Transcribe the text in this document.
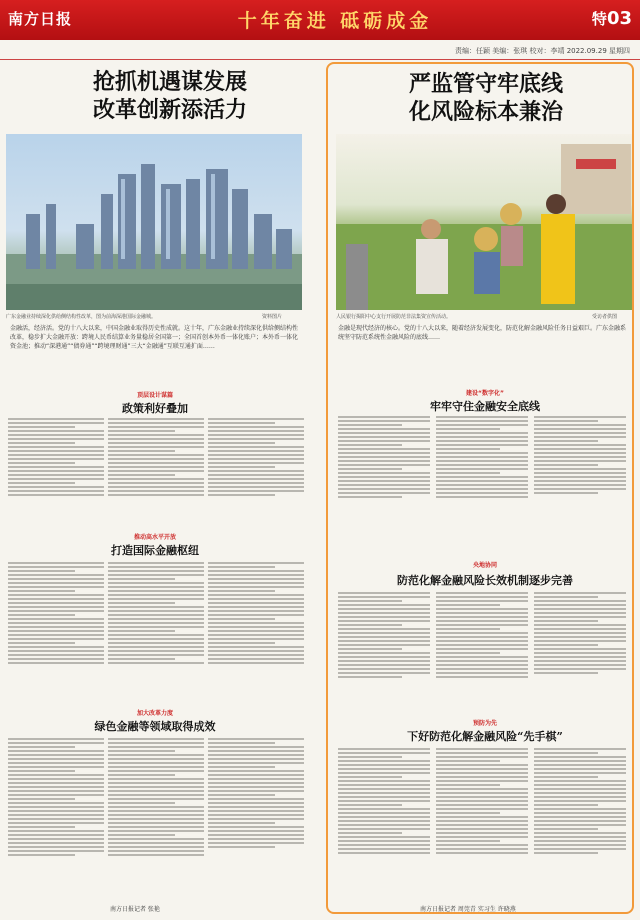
南方日报	十年奋进 砥砺成金	特03
责编：任颖 美编：张琪 校对：李靖 2022.09.29 星期四
抢抓机遇谋发展
改革创新添活力
广东金融业持续深化供给侧结构性改革，图为前海深港国际金融城。	资料图片
金融活，经济活。党的十八大以来，中国金融业取得历史性成就。这十年，广东金融业持续深化供给侧结构性改革，稳步扩大金融开放：跨境人民币结算业务量稳居全国第一；全国首创本外币一体化账户；本外币一体化资金池；推动“深港通”“债券通”“跨境理财通”三大“金融通”互联互通扩面……
顶层设计谋篇
政策利好叠加
推动高水平开放
打造国际金融枢纽
加大改革力度
绿色金融等领域取得成效
南方日报记者 张艳
严监管守牢底线
化风险标本兼治
人民银行揭阳中心支行开展防范非法集资宣传活动。	受访者供图
金融是现代经济的核心。党的十八大以来，随着经济发展变化，防范化解金融风险任务日益艰巨。广东金融系统坚守防范系统性金融风险的底线……
建设“数字化”
牢牢守住金融安全底线
央地协同
防范化解金融风险长效机制逐步完善
预防为先
下好防范化解金融风险“先手棋”
南方日报记者 周莞青 实习生 许晓燕
